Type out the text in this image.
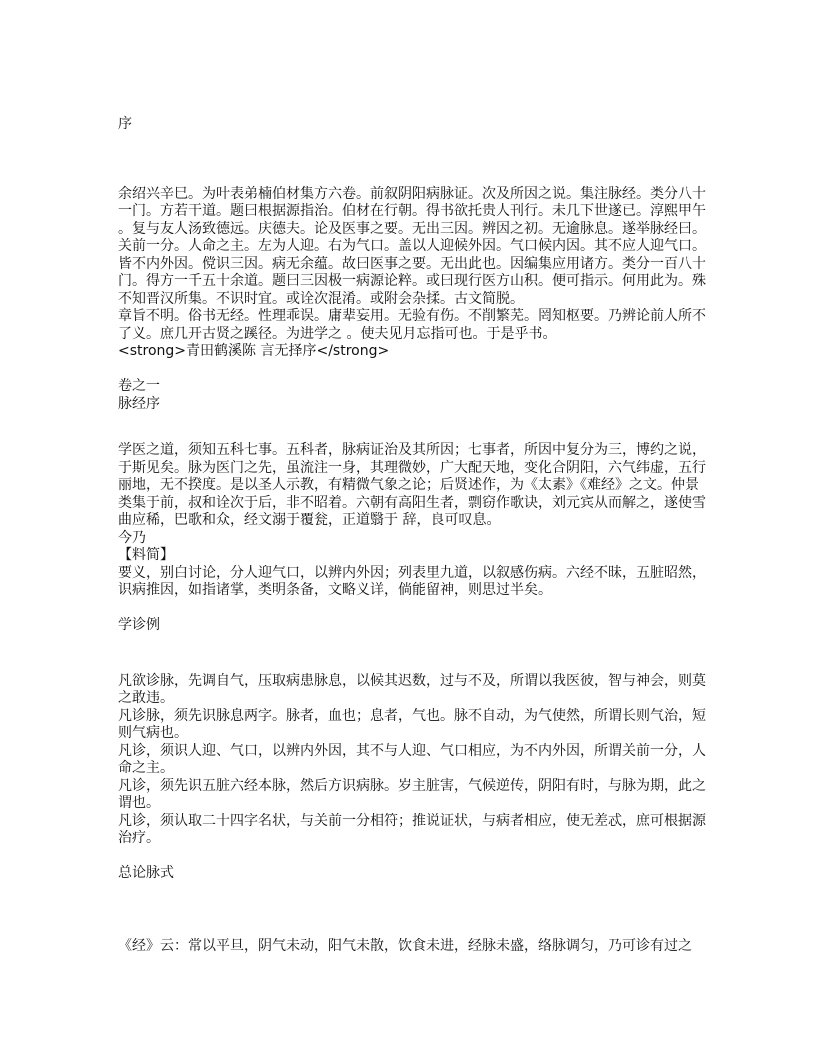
序

余绍兴辛巳。为叶表弟楠伯材集方六卷。前叙阴阳病脉证。次及所因之说。集注脉经。类分八十一门。方若干道。题曰根据源指治。伯材在行朝。得书欲托贵人刊行。未几下世遂已。淳熙甲午。复与友人汤致德远。庆德夫。论及医事之要。无出三因。辨因之初。无逾脉息。遂举脉经曰。关前一分。人命之主。左为人迎。右为气口。盖以人迎候外因。气口候内因。其不应人迎气口。皆不内外因。傥识三因。病无余蕴。故曰医事之要。无出此也。因编集应用诸方。类分一百八十门。得方一千五十余道。题曰三因极一病源论粹。或曰现行医方山积。便可指示。何用此为。殊不知晋汉所集。不识时宜。或诠次混淆。或附会杂揉。古文简脱。

章旨不明。俗书无经。性理乖误。庸辈妄用。无验有伤。不削繁芜。罔知枢要。乃辨论前人所不了义。庶几开古贤之蹊径。为进学之 。使夫见月忘指可也。于是乎书。

<strong>青田鹤溪陈 言无择序</strong>

卷之一

脉经序

学医之道，须知五科七事。五科者，脉病证治及其所因；七事者，所因中复分为三，博约之说，于斯见矣。脉为医门之先，虽流注一身，其理微妙，广大配天地，变化合阴阳，六气纬虚，五行丽地，无不揆度。是以圣人示教，有精微气象之论；后贤述作，为《太素》《难经》之文。仲景类集于前，叔和诠次于后，非不昭着。六朝有高阳生者，剽窃作歌诀，刘元宾从而解之，遂使雪曲应稀，巴歌和众，经文溺于覆瓮，正道翳于 辞，良可叹息。

今乃

【料简】

要义，别白讨论，分人迎气口，以辨内外因；列表里九道，以叙感伤病。六经不昧，五脏昭然，识病推因，如指诸掌，类明条备，文略义详，倘能留神，则思过半矣。

学诊例

凡欲诊脉，先调自气，压取病患脉息，以候其迟数，过与不及，所谓以我医彼，智与神会，则莫之敢违。

凡诊脉，须先识脉息两字。脉者，血也；息者，气也。脉不自动，为气使然，所谓长则气治，短则气病也。

凡诊，须识人迎、气口，以辨内外因，其不与人迎、气口相应，为不内外因，所谓关前一分，人命之主。

凡诊，须先识五脏六经本脉，然后方识病脉。岁主脏害，气候逆传，阴阳有时，与脉为期，此之谓也。

凡诊，须认取二十四字名状，与关前一分相符；推说证状，与病者相应，使无差忒，庶可根据源治疗。

总论脉式

《经》云：常以平旦，阴气未动，阳气未散，饮食未进，经脉未盛，络脉调匀，乃可诊有过之
